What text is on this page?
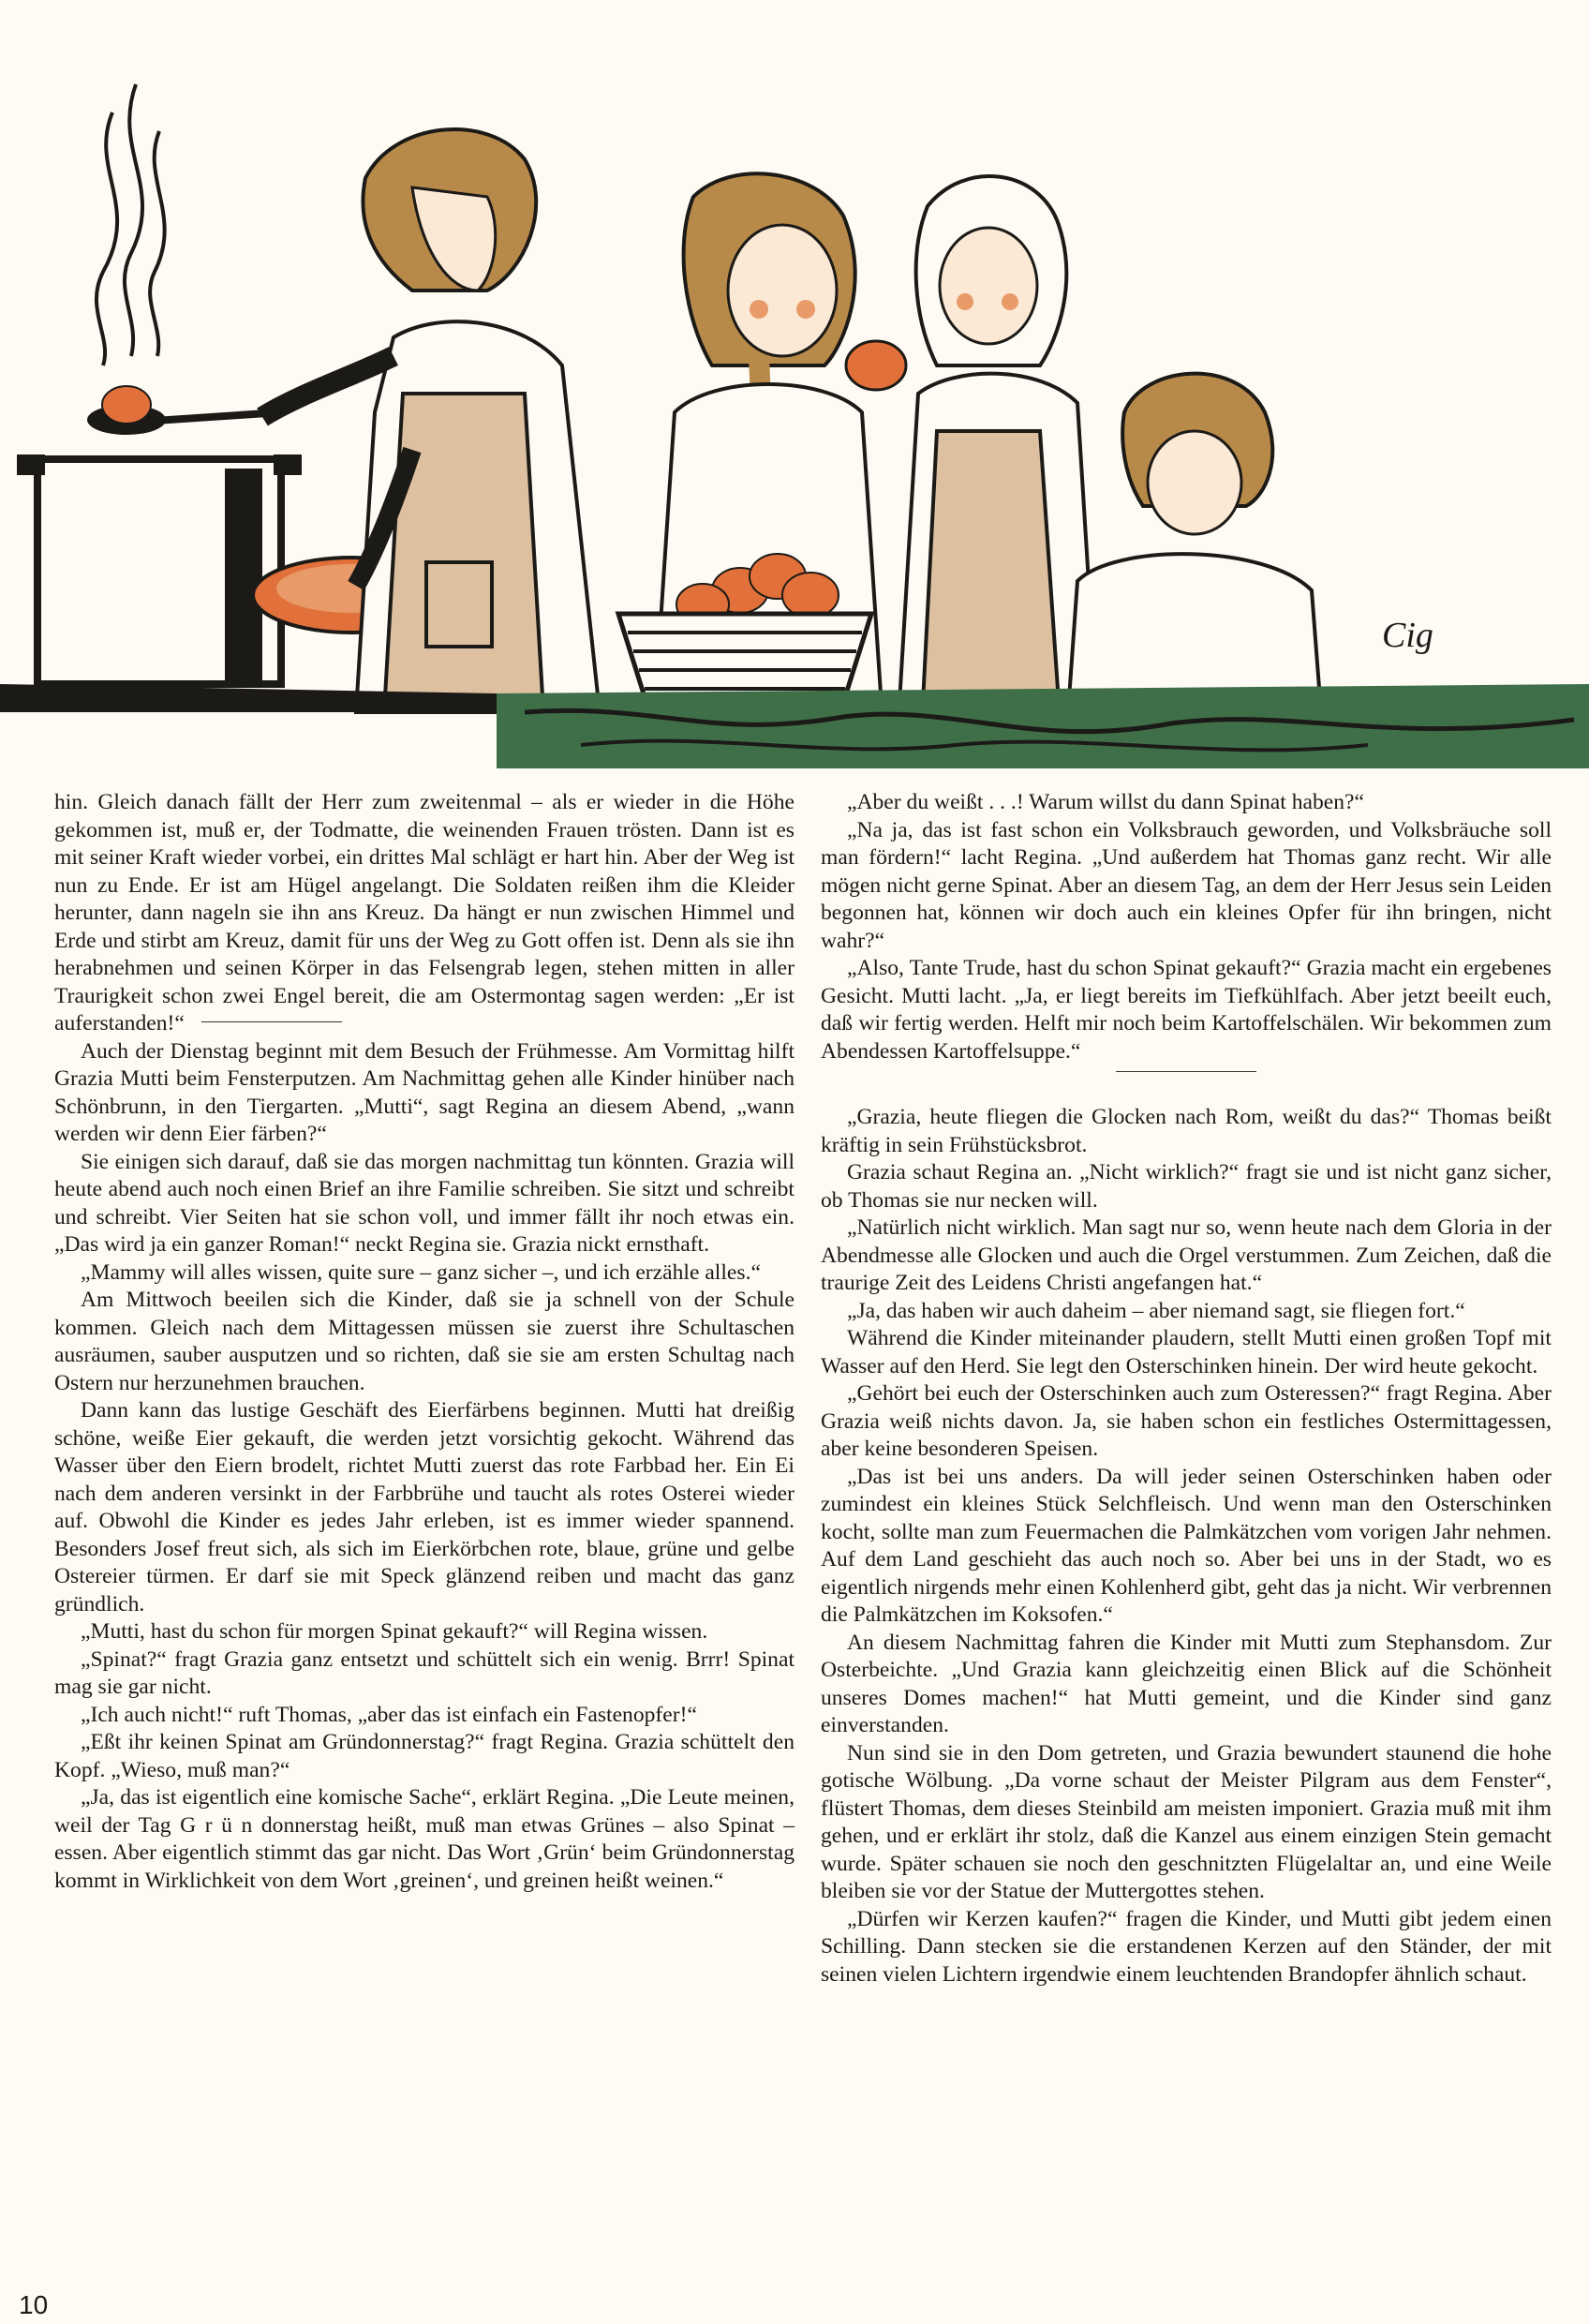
Cig

hin. Gleich danach fällt der Herr zum zweitenmal – als er wieder in die Höhe gekommen ist, muß er, der Todmatte, die weinenden Frauen trösten. Dann ist es mit seiner Kraft wieder vorbei, ein drittes Mal schlägt er hart hin. Aber der Weg ist nun zu Ende. Er ist am Hügel angelangt. Die Soldaten reißen ihm die Kleider herunter, dann nageln sie ihn ans Kreuz. Da hängt er nun zwischen Himmel und Erde und stirbt am Kreuz, damit für uns der Weg zu Gott offen ist. Denn als sie ihn herabnehmen und seinen Körper in das Felsengrab legen, stehen mitten in aller Traurigkeit schon zwei Engel bereit, die am Ostermontag sagen werden: „Er ist auferstanden!“

Auch der Dienstag beginnt mit dem Besuch der Frühmesse. Am Vormittag hilft Grazia Mutti beim Fensterputzen. Am Nachmittag gehen alle Kinder hinüber nach Schönbrunn, in den Tiergarten. „Mutti“, sagt Regina an diesem Abend, „wann werden wir denn Eier färben?“

Sie einigen sich darauf, daß sie das morgen nachmittag tun könnten. Grazia will heute abend auch noch einen Brief an ihre Familie schreiben. Sie sitzt und schreibt und schreibt. Vier Seiten hat sie schon voll, und immer fällt ihr noch etwas ein. „Das wird ja ein ganzer Roman!“ neckt Regina sie. Grazia nickt ernsthaft.

„Mammy will alles wissen, quite sure – ganz sicher –, und ich erzähle alles.“

Am Mittwoch beeilen sich die Kinder, daß sie ja schnell von der Schule kommen. Gleich nach dem Mittagessen müssen sie zuerst ihre Schultaschen ausräumen, sauber ausputzen und so richten, daß sie sie am ersten Schultag nach Ostern nur herzunehmen brauchen.

Dann kann das lustige Geschäft des Eierfärbens beginnen. Mutti hat dreißig schöne, weiße Eier gekauft, die werden jetzt vorsichtig gekocht. Während das Wasser über den Eiern brodelt, richtet Mutti zuerst das rote Farbbad her. Ein Ei nach dem anderen versinkt in der Farbbrühe und taucht als rotes Osterei wieder auf. Obwohl die Kinder es jedes Jahr erleben, ist es immer wieder spannend. Besonders Josef freut sich, als sich im Eierkörbchen rote, blaue, grüne und gelbe Ostereier türmen. Er darf sie mit Speck glänzend reiben und macht das ganz gründlich.

„Mutti, hast du schon für morgen Spinat gekauft?“ will Regina wissen.

„Spinat?“ fragt Grazia ganz entsetzt und schüttelt sich ein wenig. Brrr! Spinat mag sie gar nicht.

„Ich auch nicht!“ ruft Thomas, „aber das ist einfach ein Fastenopfer!“

„Eßt ihr keinen Spinat am Gründonnerstag?“ fragt Regina. Grazia schüttelt den Kopf. „Wieso, muß man?“

„Ja, das ist eigentlich eine komische Sache“, erklärt Regina. „Die Leute meinen, weil der Tag G r ü n donnerstag heißt, muß man etwas Grünes – also Spinat – essen. Aber eigentlich stimmt das gar nicht. Das Wort ‚Grün‘ beim Gründonnerstag kommt in Wirklichkeit von dem Wort ‚greinen‘, und greinen heißt weinen.“

„Aber du weißt . . .! Warum willst du dann Spinat haben?“

„Na ja, das ist fast schon ein Volksbrauch geworden, und Volksbräuche soll man fördern!“ lacht Regina. „Und außerdem hat Thomas ganz recht. Wir alle mögen nicht gerne Spinat. Aber an diesem Tag, an dem der Herr Jesus sein Leiden begonnen hat, können wir doch auch ein kleines Opfer für ihn bringen, nicht wahr?“

„Also, Tante Trude, hast du schon Spinat gekauft?“ Grazia macht ein ergebenes Gesicht. Mutti lacht. „Ja, er liegt bereits im Tiefkühlfach. Aber jetzt beeilt euch, daß wir fertig werden. Helft mir noch beim Kartoffelschälen. Wir bekommen zum Abendessen Kartoffelsuppe.“

„Grazia, heute fliegen die Glocken nach Rom, weißt du das?“ Thomas beißt kräftig in sein Frühstücksbrot.

Grazia schaut Regina an. „Nicht wirklich?“ fragt sie und ist nicht ganz sicher, ob Thomas sie nur necken will.

„Natürlich nicht wirklich. Man sagt nur so, wenn heute nach dem Gloria in der Abendmesse alle Glocken und auch die Orgel verstummen. Zum Zeichen, daß die traurige Zeit des Leidens Christi angefangen hat.“

„Ja, das haben wir auch daheim – aber niemand sagt, sie fliegen fort.“

Während die Kinder miteinander plaudern, stellt Mutti einen großen Topf mit Wasser auf den Herd. Sie legt den Osterschinken hinein. Der wird heute gekocht.

„Gehört bei euch der Osterschinken auch zum Osteressen?“ fragt Regina. Aber Grazia weiß nichts davon. Ja, sie haben schon ein festliches Ostermittagessen, aber keine besonderen Speisen.

„Das ist bei uns anders. Da will jeder seinen Osterschinken haben oder zumindest ein kleines Stück Selchfleisch. Und wenn man den Osterschinken kocht, sollte man zum Feuermachen die Palmkätzchen vom vorigen Jahr nehmen. Auf dem Land geschieht das auch noch so. Aber bei uns in der Stadt, wo es eigentlich nirgends mehr einen Kohlenherd gibt, geht das ja nicht. Wir verbrennen die Palmkätzchen im Koksofen.“

An diesem Nachmittag fahren die Kinder mit Mutti zum Stephansdom. Zur Osterbeichte. „Und Grazia kann gleichzeitig einen Blick auf die Schönheit unseres Domes machen!“ hat Mutti gemeint, und die Kinder sind ganz einverstanden.

Nun sind sie in den Dom getreten, und Grazia bewundert staunend die hohe gotische Wölbung. „Da vorne schaut der Meister Pilgram aus dem Fenster“, flüstert Thomas, dem dieses Steinbild am meisten imponiert. Grazia muß mit ihm gehen, und er erklärt ihr stolz, daß die Kanzel aus einem einzigen Stein gemacht wurde. Später schauen sie noch den geschnitzten Flügelaltar an, und eine Weile bleiben sie vor der Statue der Muttergottes stehen.

„Dürfen wir Kerzen kaufen?“ fragen die Kinder, und Mutti gibt jedem einen Schilling. Dann stecken sie die erstandenen Kerzen auf den Ständer, der mit seinen vielen Lichtern irgendwie einem leuchtenden Brandopfer ähnlich schaut.

10
